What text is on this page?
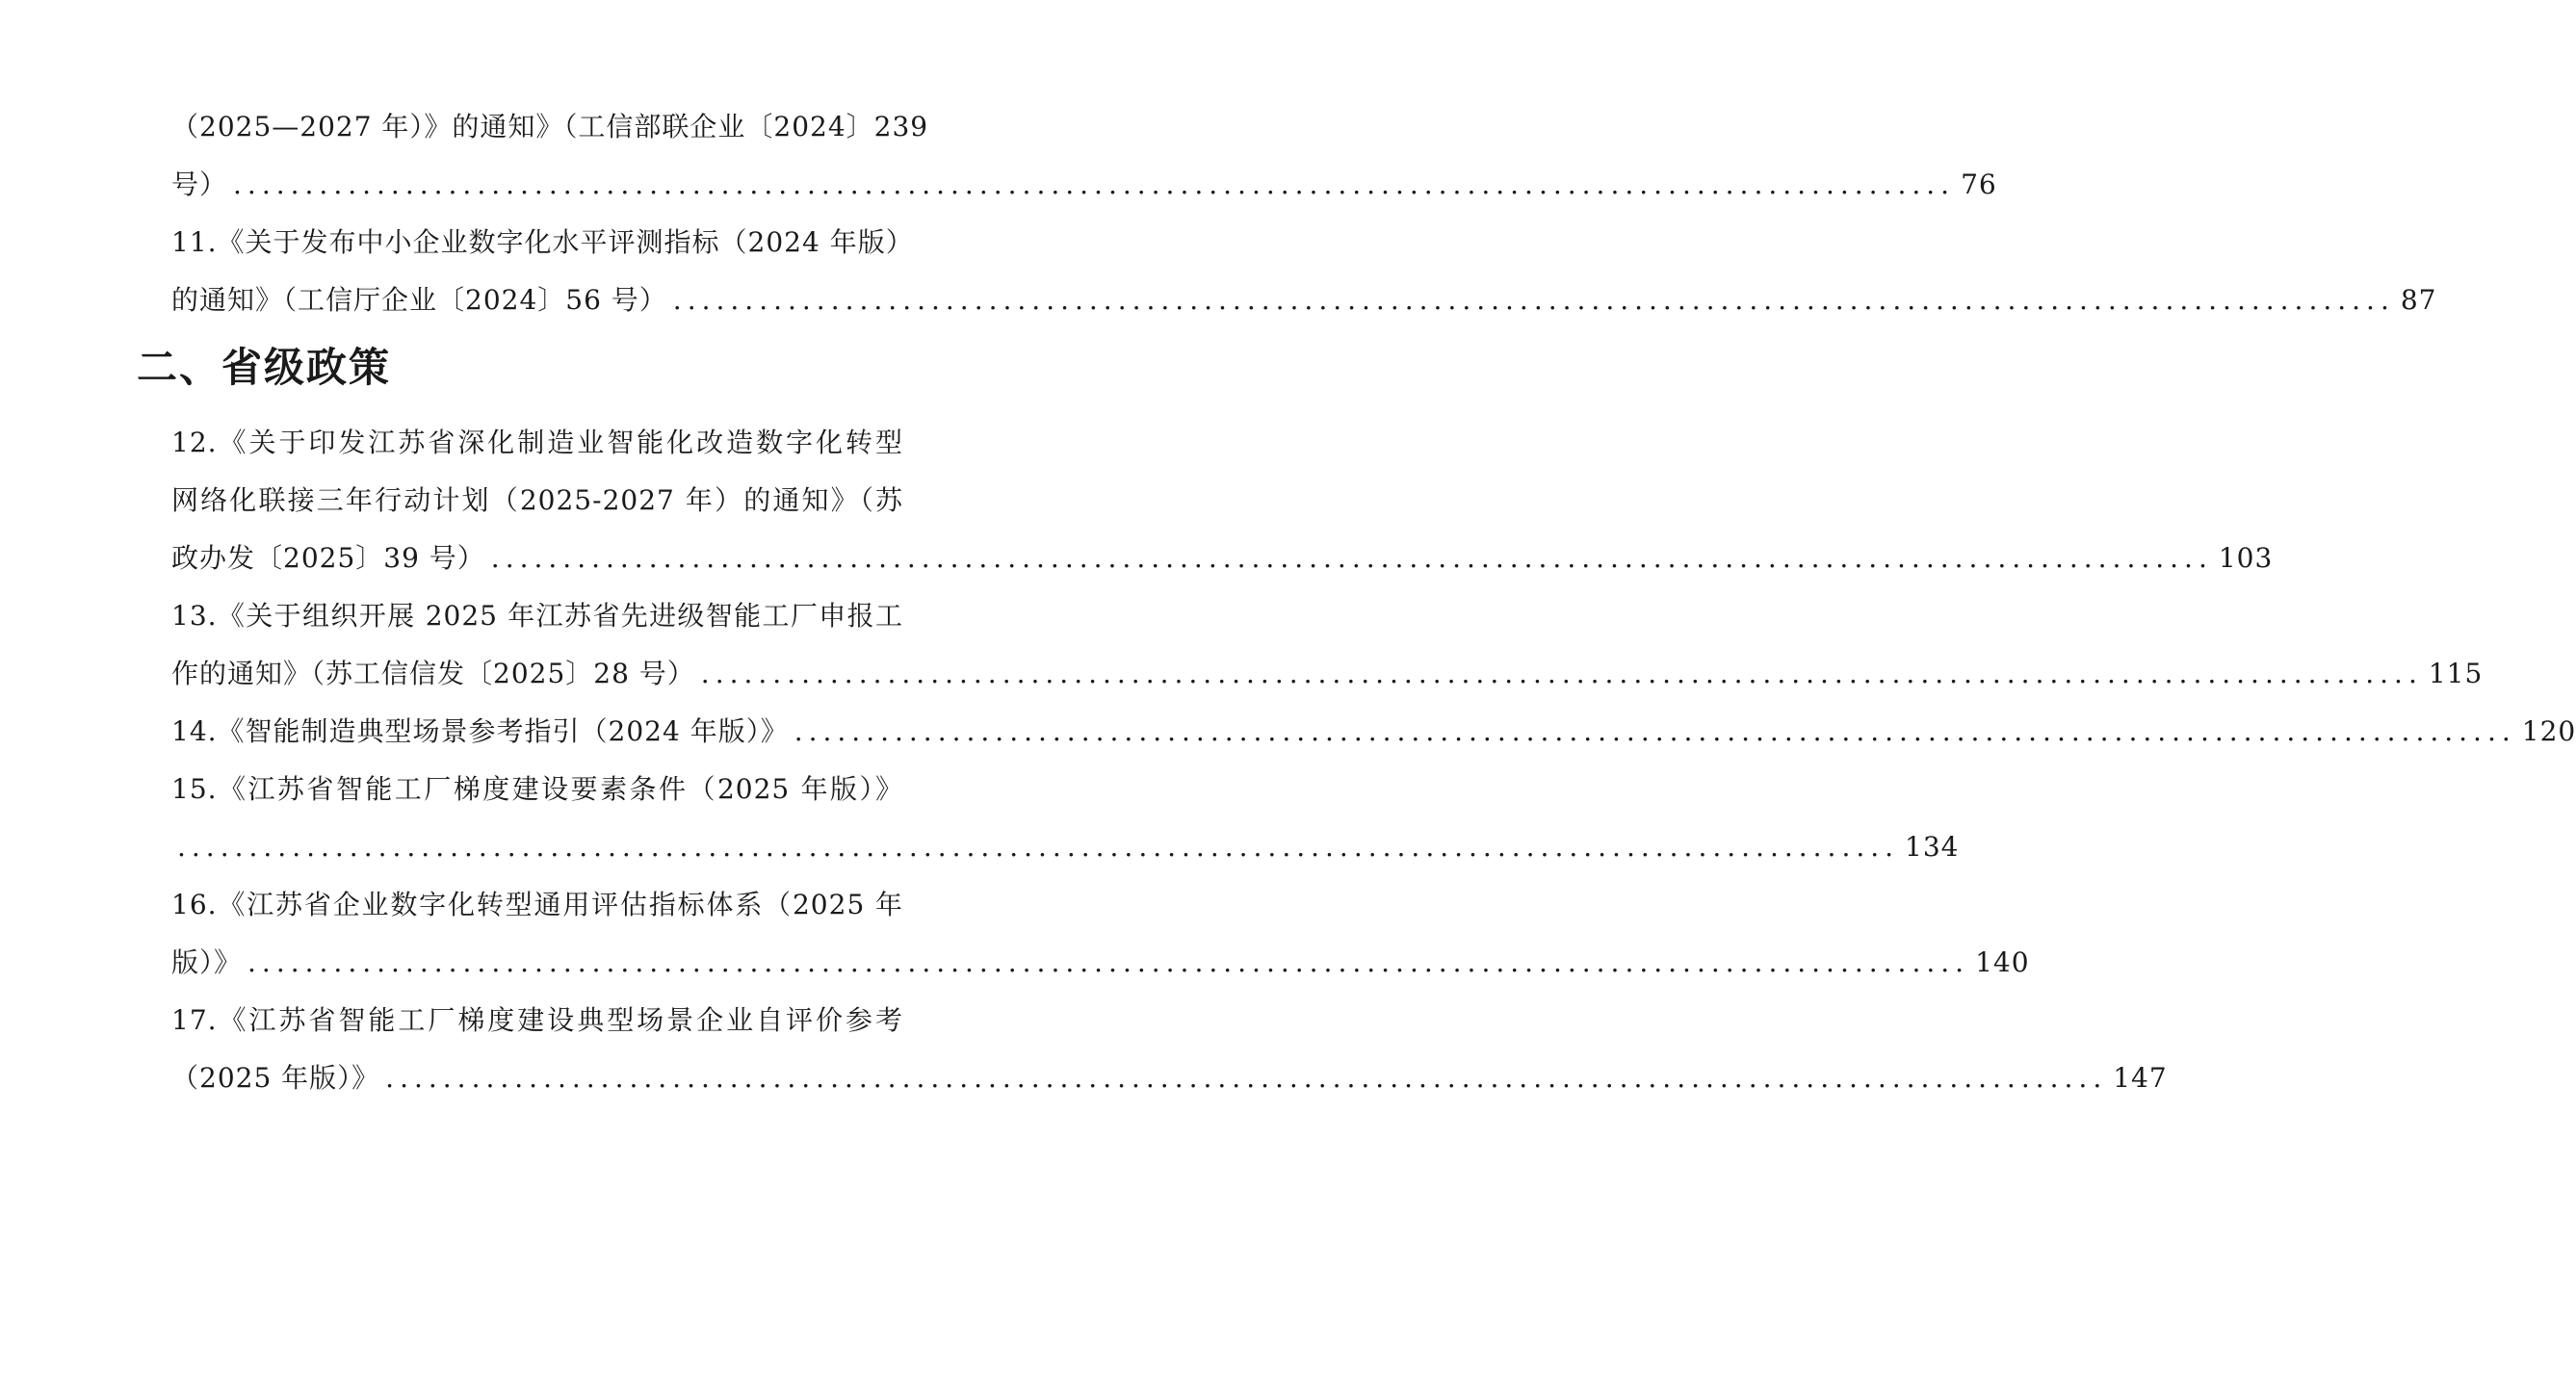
（2025—2027 年）》的通知》（工信部联企业〔2024〕239
号） ........................................................................................................................ 76
11.《关于发布中小企业数字化水平评测指标（2024 年版）
的通知》（工信厅企业〔2024〕56 号） ........................................................................................................................ 87
二、省级政策
12.《关于印发江苏省深化制造业智能化改造数字化转型
网络化联接三年行动计划（2025-2027 年）的通知》（苏
政办发〔2025〕39 号） ........................................................................................................................ 103
13.《关于组织开展 2025 年江苏省先进级智能工厂申报工
作的通知》（苏工信信发〔2025〕28 号） ........................................................................................................................ 115
14.《智能制造典型场景参考指引（2024 年版）》 ........................................................................................................................ 120
15.《江苏省智能工厂梯度建设要素条件（2025 年版）》
........................................................................................................................ 134
16.《江苏省企业数字化转型通用评估指标体系（2025 年
版）》 ........................................................................................................................ 140
17.《江苏省智能工厂梯度建设典型场景企业自评价参考
（2025 年版）》 ........................................................................................................................ 147
